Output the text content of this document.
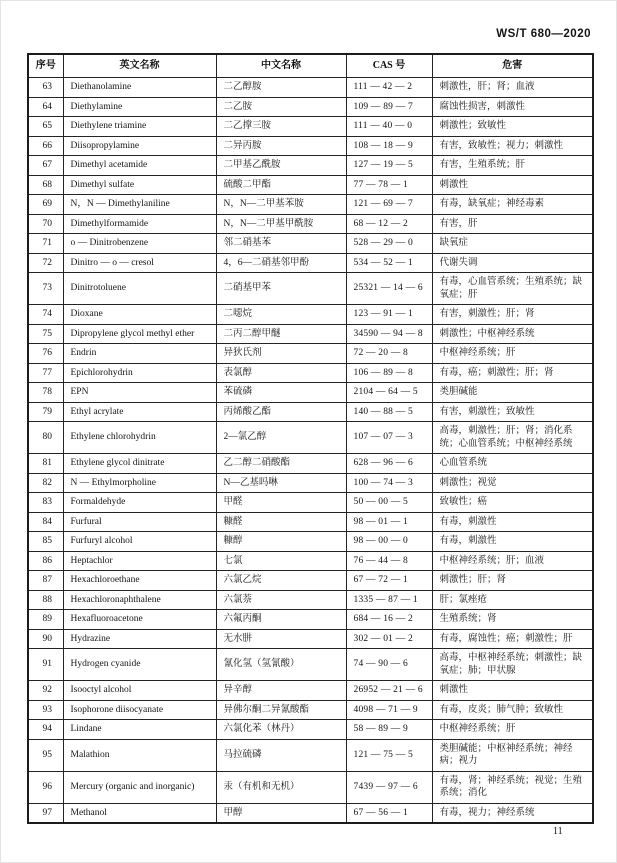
WS/T 680—2020
序号	英文名称	中文名称	CAS 号	危害
63	Diethanolamine	二乙醇胺	111 — 42 — 2	刺激性，肝；肾；血液
64	Diethylamine	二乙胺	109 — 89 — 7	腐蚀性损害，刺激性
65	Diethylene triamine	二乙撑三胺	111 — 40 — 0	刺激性；致敏性
66	Diisopropylamine	二异丙胺	108 — 18 — 9	有害，致敏性；视力；刺激性
67	Dimethyl acetamide	二甲基乙酰胺	127 — 19 — 5	有害，生殖系统；肝
68	Dimethyl sulfate	硫酸二甲酯	77 — 78 — 1	刺激性
69	N，N — Dimethylaniline	N，N—二甲基苯胺	121 — 69 — 7	有毒，缺氧症；神经毒素
70	Dimethylformamide	N，N—二甲基甲酰胺	68 — 12 — 2	有害，肝
71	o — Dinitrobenzene	邻二硝基苯	528 — 29 — 0	缺氧症
72	Dinitro — o — cresol	4，6—二硝基邻甲酚	534 — 52 — 1	代谢失调
73	Dinitrotoluene	二硝基甲苯	25321 — 14 — 6	有毒，心血管系统；生殖系统；缺氧症；肝
74	Dioxane	二噁烷	123 — 91 — 1	有害，刺激性；肝；肾
75	Dipropylene glycol methyl ether	二丙二醇甲醚	34590 — 94 — 8	刺激性；中枢神经系统
76	Endrin	异狄氏剂	72 — 20 — 8	中枢神经系统；肝
77	Epichlorohydrin	表氯醇	106 — 89 — 8	有毒，癌；刺激性；肝；肾
78	EPN	苯硫磷	2104 — 64 — 5	类胆碱能
79	Ethyl acrylate	丙烯酸乙酯	140 — 88 — 5	有害，刺激性；致敏性
80	Ethylene chlorohydrin	2—氯乙醇	107 — 07 — 3	高毒，刺激性；肝；肾；消化系统；心血管系统；中枢神经系统
81	Ethylene glycol dinitrate	乙二醇二硝酸酯	628 — 96 — 6	心血管系统
82	N — Ethylmorpholine	N—乙基吗啉	100 — 74 — 3	刺激性；视觉
83	Formaldehyde	甲醛	50 — 00 — 5	致敏性；癌
84	Furfural	糠醛	98 — 01 — 1	有毒，刺激性
85	Furfuryl alcohol	糠醇	98 — 00 — 0	有毒，刺激性
86	Heptachlor	七氯	76 — 44 — 8	中枢神经系统；肝；血液
87	Hexachloroethane	六氯乙烷	67 — 72 — 1	刺激性；肝；肾
88	Hexachloronaphthalene	六氯萘	1335 — 87 — 1	肝；氯痤疮
89	Hexafluoroacetone	六氟丙酮	684 — 16 — 2	生殖系统；肾
90	Hydrazine	无水肼	302 — 01 — 2	有毒，腐蚀性；癌；刺激性；肝
91	Hydrogen cyanide	氰化氢（氢氰酸）	74 — 90 — 6	高毒，中枢神经系统；刺激性；缺氧症；肺；甲状腺
92	Isooctyl alcohol	异辛醇	26952 — 21 — 6	刺激性
93	Isophorone diisocyanate	异佛尔酮二异氰酸酯	4098 — 71 — 9	有毒，皮炎；肺气肿；致敏性
94	Lindane	六氯化苯（林丹）	58 — 89 — 9	中枢神经系统；肝
95	Malathion	马拉硫磷	121 — 75 — 5	类胆碱能；中枢神经系统；神经病；视力
96	Mercury (organic and inorganic)	汞（有机和无机）	7439 — 97 — 6	有毒，肾；神经系统；视觉；生殖系统；消化
97	Methanol	甲醇	67 — 56 — 1	有毒，视力；神经系统
11
